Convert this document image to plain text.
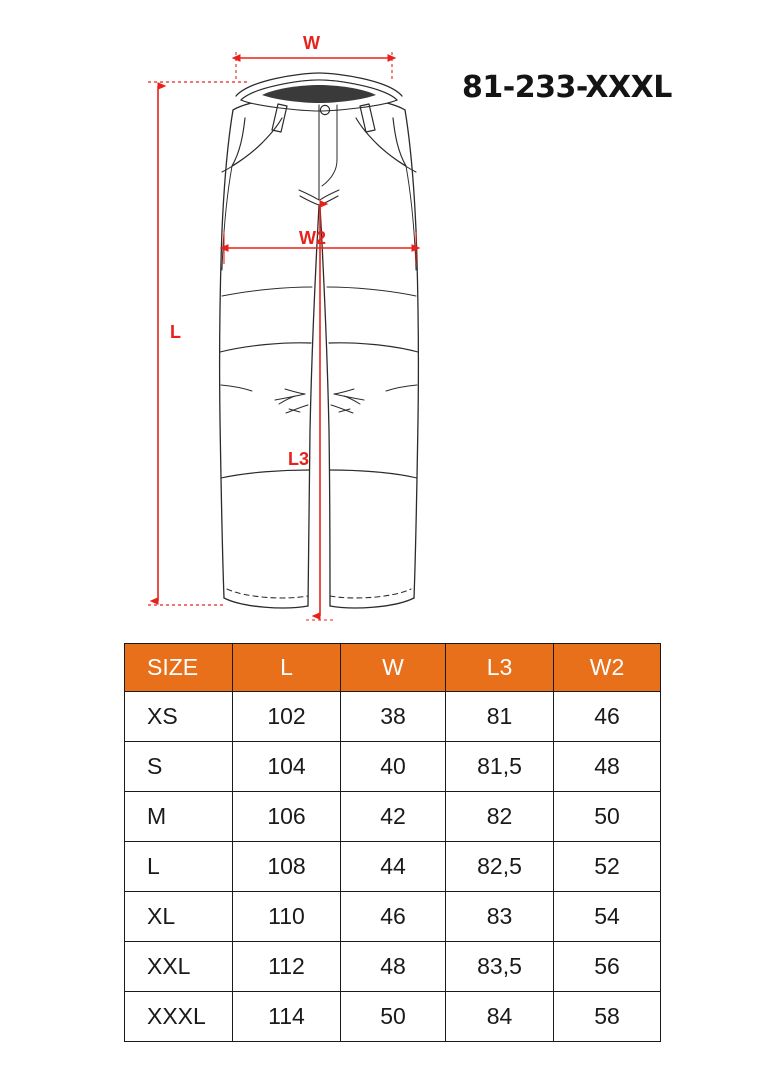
W
W2
L
L3
81-233-XXXL
SIZE	L	W	L3	W2
XS	102	38	81	46
S	104	40	81,5	48
M	106	42	82	50
L	108	44	82,5	52
XL	110	46	83	54
XXL	112	48	83,5	56
XXXL	114	50	84	58
